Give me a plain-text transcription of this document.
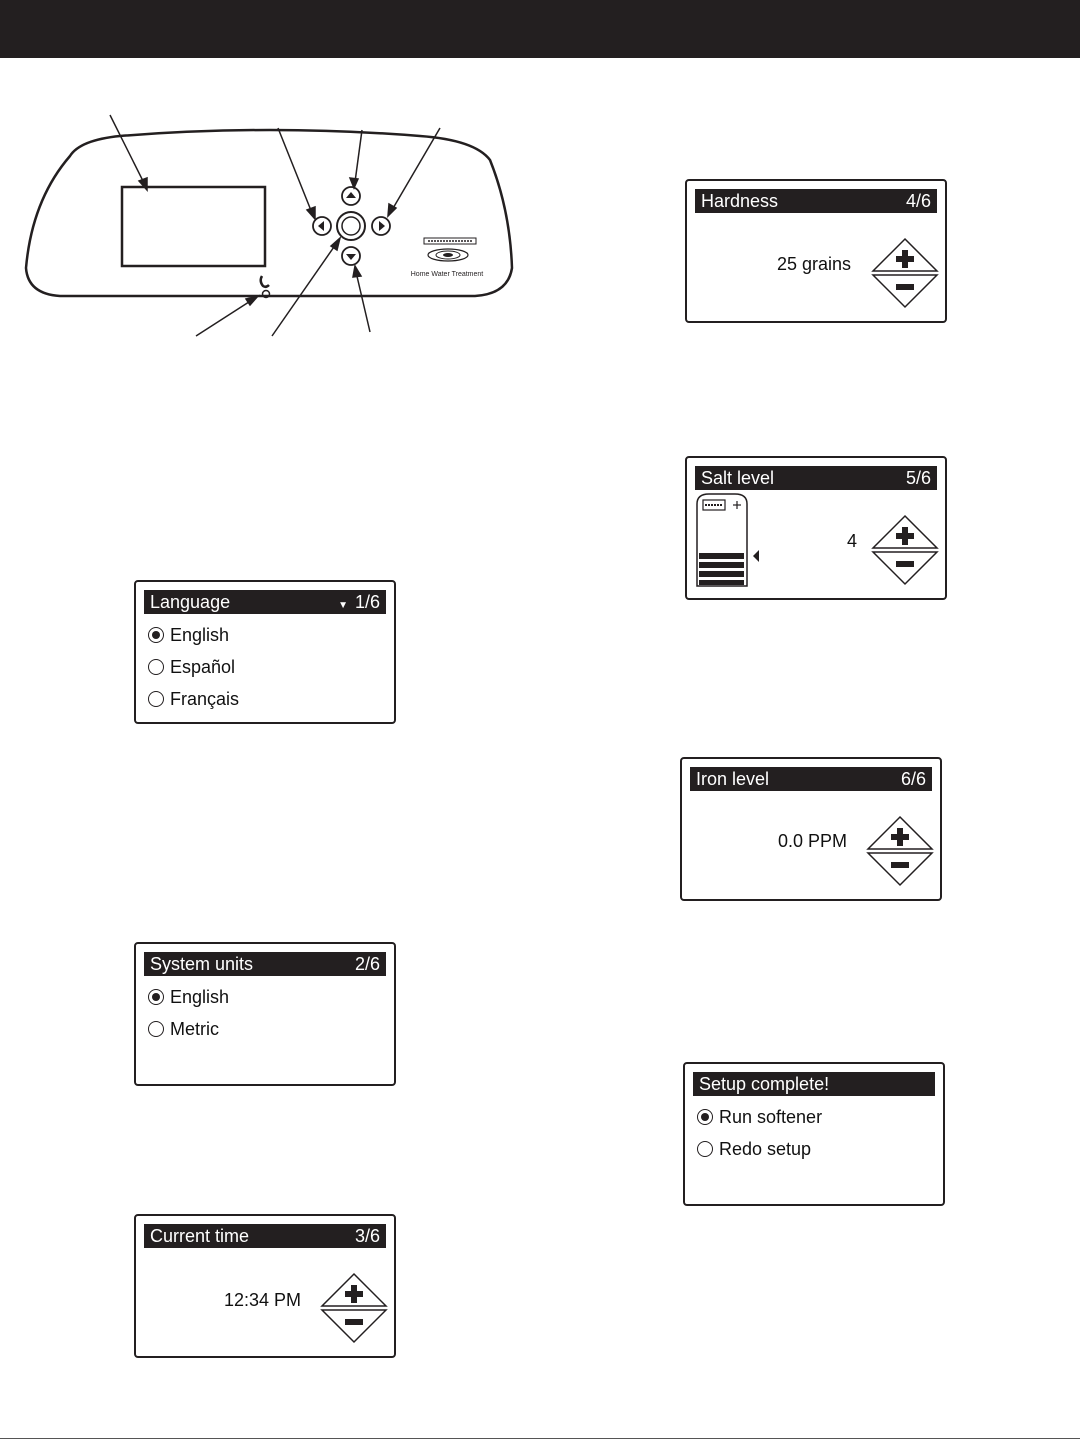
Home Water Treatment
Language	▼ 1/6
English
Español
Français
System units	2/6
English
Metric
Current time	3/6
12:34 PM
Hardness	4/6
25 grains
Salt level	5/6
4
Iron level	6/6
0.0 PPM
Setup complete!
Run softener
Redo setup
